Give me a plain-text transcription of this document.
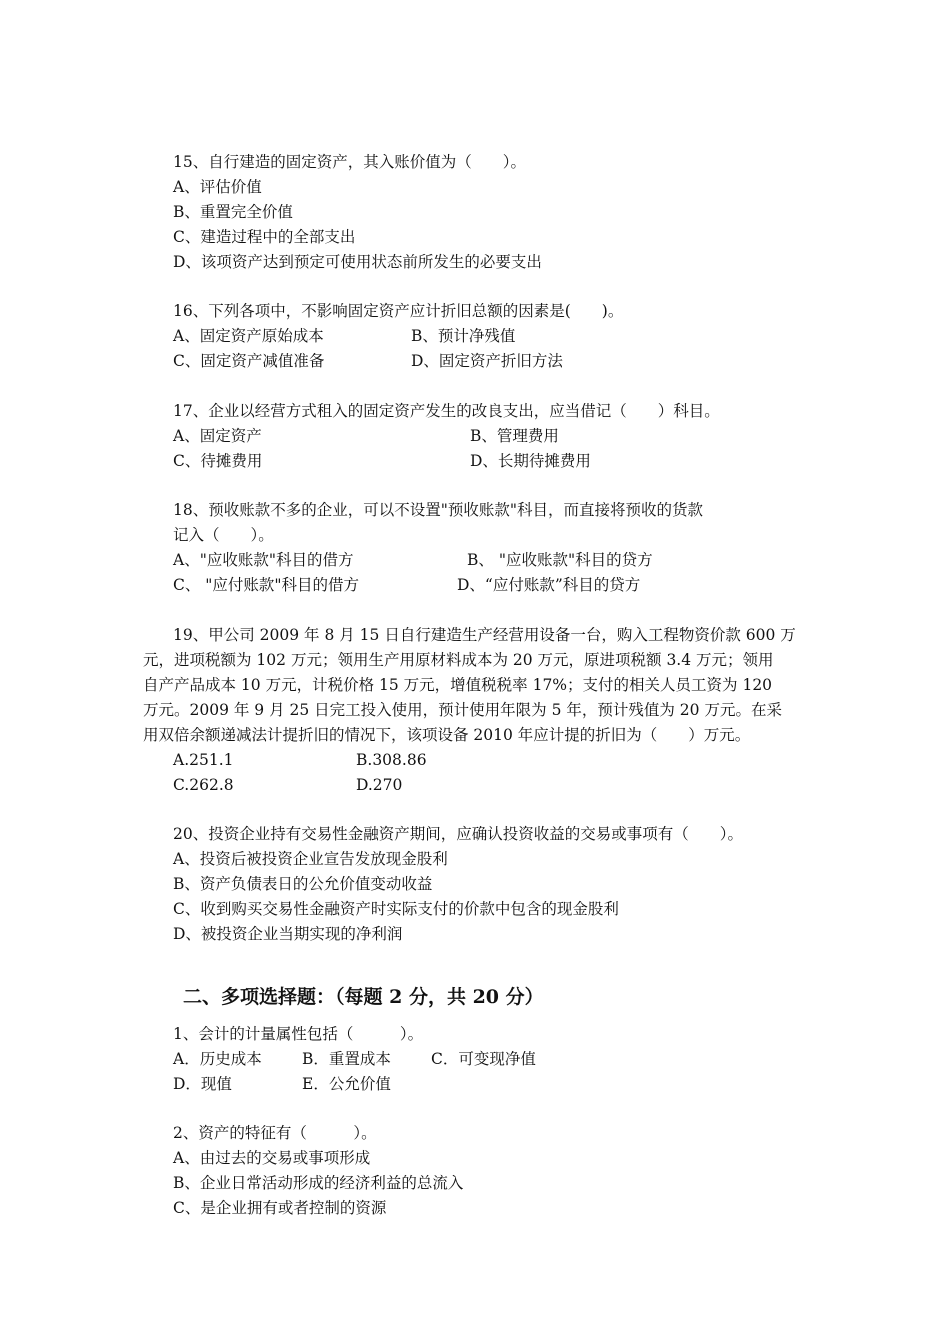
15、自行建造的固定资产，其入账价值为（　　）。
A、评估价值
B、重置完全价值
C、建造过程中的全部支出
D、该项资产达到预定可使用状态前所发生的必要支出
16、下列各项中，不影响固定资产应计折旧总额的因素是(　　)。
A、固定资产原始成本	B、预计净残值
C、固定资产减值准备	D、固定资产折旧方法
17、企业以经营方式租入的固定资产发生的改良支出，应当借记（　　）科目。
A、固定资产	B、管理费用
C、待摊费用	D、长期待摊费用
18、预收账款不多的企业，可以不设置"预收账款"科目，而直接将预收的货款
记入（　　）。
A、"应收账款"科目的借方	B、 "应收账款"科目的贷方
C、 "应付账款"科目的借方	D、“应付账款”科目的贷方
19、甲公司 2009 年 8 月 15 日自行建造生产经营用设备一台，购入工程物资价款 600 万
元，进项税额为 102 万元；领用生产用原材料成本为 20 万元，原进项税额 3.4 万元；领用
自产产品成本 10 万元，计税价格 15 万元，增值税税率 17%；支付的相关人员工资为 120
万元。2009 年 9 月 25 日完工投入使用，预计使用年限为 5 年，预计残值为 20 万元。在采
用双倍余额递减法计提折旧的情况下，该项设备 2010 年应计提的折旧为（　　）万元。
A.251.1	B.308.86
C.262.8	D.270
20、投资企业持有交易性金融资产期间，应确认投资收益的交易或事项有（　　）。
A、投资后被投资企业宣告发放现金股利
B、资产负债表日的公允价值变动收益
C、收到购买交易性金融资产时实际支付的价款中包含的现金股利
D、被投资企业当期实现的净利润
二、多项选择题：（每题 2 分，共 20 分）
1、会计的计量属性包括（　　　）。
A．历史成本	B．重置成本	C．可变现净值
D．现值	E．公允价值
2、资产的特征有（　　　）。
A、由过去的交易或事项形成
B、企业日常活动形成的经济利益的总流入
C、是企业拥有或者控制的资源
